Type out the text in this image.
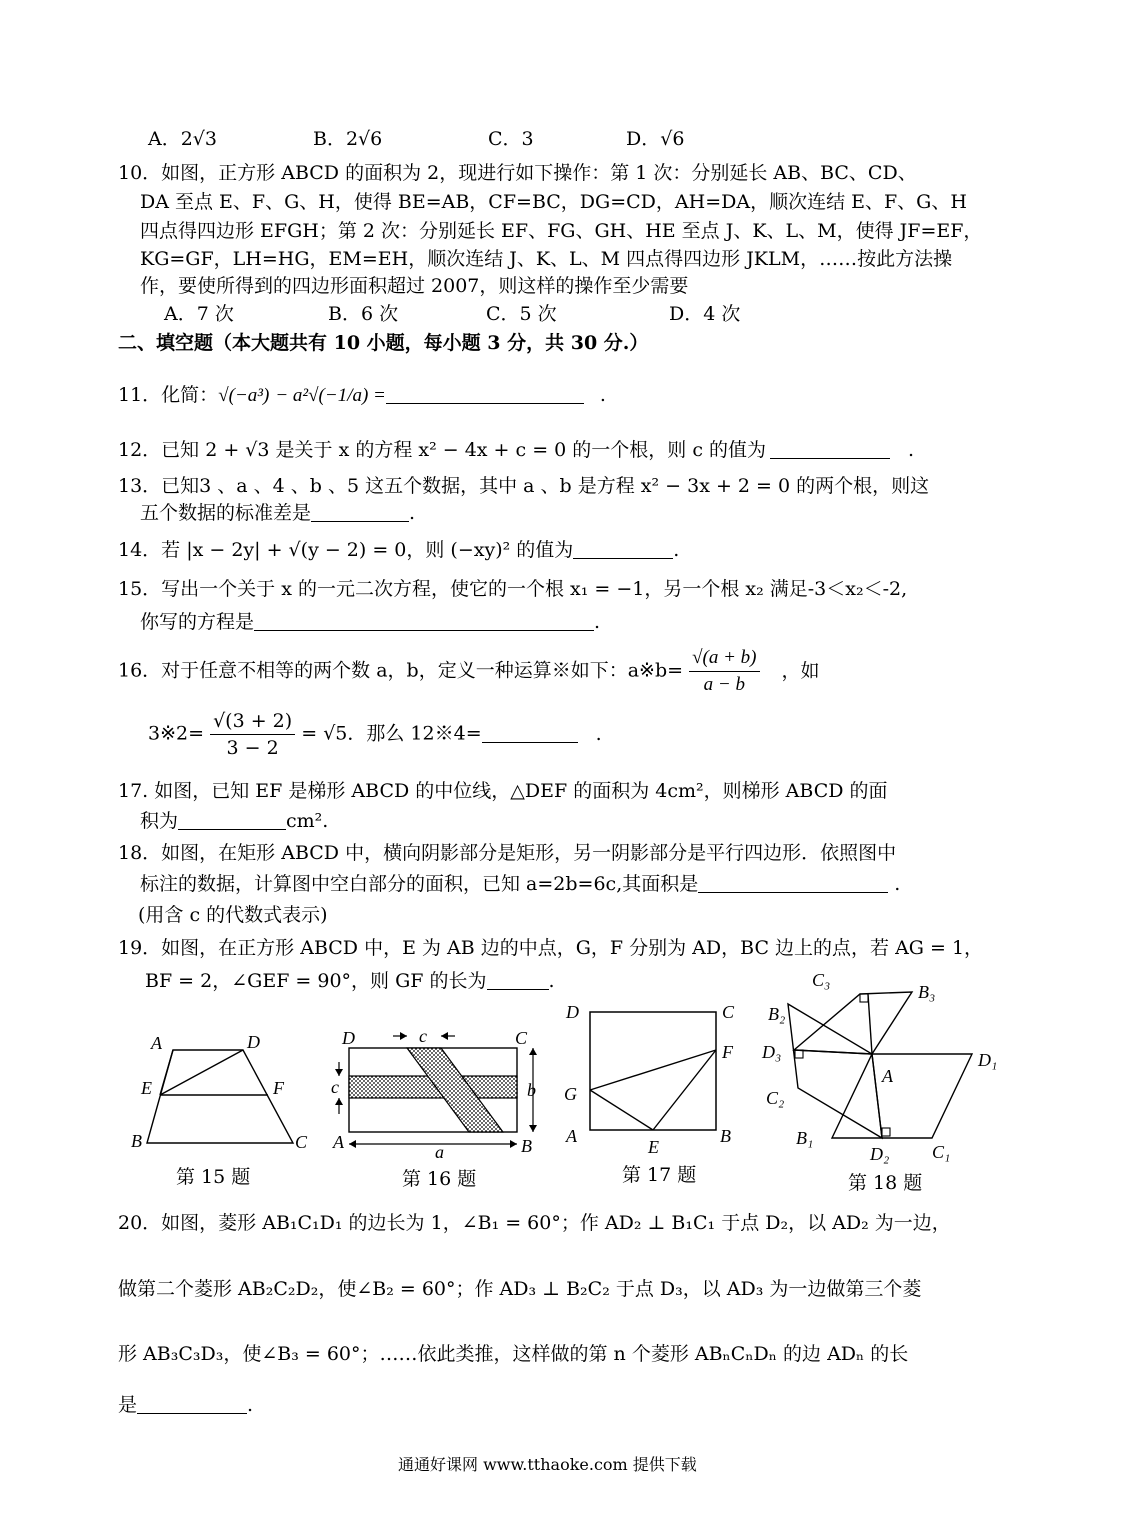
A．2√3	B．2√6	C．3	D．√6
10．如图，正方形 ABCD 的面积为 2，现进行如下操作：第 1 次：分别延长 AB、BC、CD、
DA 至点 E、F、G、H，使得 BE=AB，CF=BC，DG=CD，AH=DA，顺次连结 E、F、G、H
四点得四边形 EFGH；第 2 次：分别延长 EF、FG、GH、HE 至点 J、K、L、M，使得 JF=EF，
KG=GF，LH=HG，EM=EH，顺次连结 J、K、L、M 四点得四边形 JKLM，……按此方法操
作，要使所得到的四边形面积超过 2007，则这样的操作至少需要
A．7 次	B．6 次	C．5 次	D．4 次
二、填空题（本大题共有 10 小题，每小题 3 分，共 30 分.）
11．化简：√(−a³) − a²√(−1/a) =	.
12．已知 2 + √3 是关于 x 的方程 x² − 4x + c = 0 的一个根，则 c 的值为	.
13．已知3 、a 、4 、b 、5 这五个数据，其中 a 、b 是方程 x² − 3x + 2 = 0 的两个根，则这
五个数据的标准差是	.
14．若 |x − 2y| + √(y − 2) = 0，则 (−xy)² 的值为	.
15．写出一个关于 x 的一元二次方程，使它的一个根 x₁ = −1，另一个根 x₂ 满足-3＜x₂＜-2,
你写的方程是	.
16．对于任意不相等的两个数 a，b，定义一种运算※如下：a※b= $\frac{√(a + b)}{a - b}$ ，如
3※2= $\frac{√(3 + 2)}{3 - 2} = √5$．那么 12※4=	.
17. 如图，已知 EF 是梯形 ABCD 的中位线，△DEF 的面积为 4cm²，则梯形 ABCD 的面
积为	cm².
18．如图，在矩形 ABCD 中，横向阴影部分是矩形，另一阴影部分是平行四边形．依照图中
标注的数据，计算图中空白部分的面积，已知 a=2b=6c,其面积是	.
(用含 c 的代数式表示)
19．如图，在正方形 ABCD 中，E 为 AB 边的中点，G，F 分别为 AD，BC 边上的点，若 AG = 1，
BF = 2，∠GEF = 90°，则 GF 的长为	.
A	D
E	F
B	C
第 15 题
D	c	C
c	b
A	a	B
第 16 题
D	C
F
G
A
E
B
第 17 题
C₃
B₃
B₂
D₃	D₁
A
C₂
B₁
D₂ C₁
第 18 题
20．如图，菱形 AB₁C₁D₁ 的边长为 1，∠B₁ = 60°；作 AD₂ ⊥ B₁C₁ 于点 D₂，以 AD₂ 为一边，
做第二个菱形 AB₂C₂D₂，使∠B₂ = 60°；作 AD₃ ⊥ B₂C₂ 于点 D₃，以 AD₃ 为一边做第三个菱
形 AB₃C₃D₃，使∠B₃ = 60°；……依此类推，这样做的第 n 个菱形 ABₙCₙDₙ 的边 ADₙ 的长
是	.
通通好课网 www.tthaoke.com 提供下载
